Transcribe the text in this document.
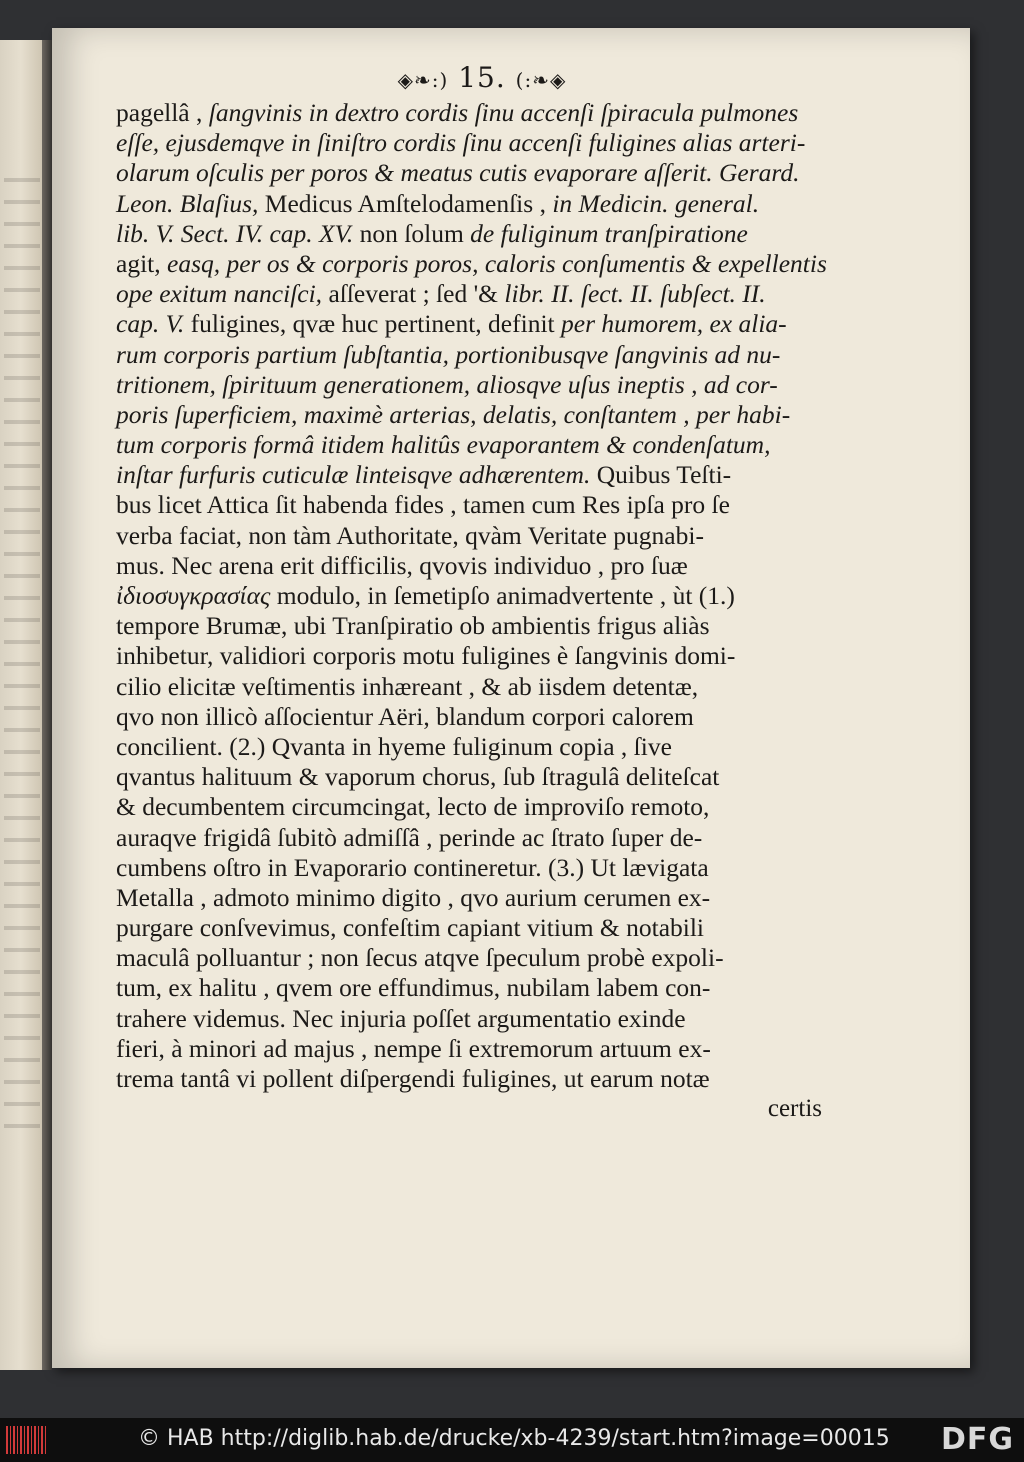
◈❧:) 15. (:❧◈
pagellâ , ſangvinis in dextro cordis ſinu accenſi ſpiracula pulmones
eſſe, ejusdemqve in ſiniſtro cordis ſinu accenſi fuligines alias arteri-
olarum oſculis per poros & meatus cutis evaporare aſſerit. Gerard.
Leon. Blaſius, Medicus Amſtelodamenſis , in Medicin. general.
lib. V. Sect. IV. cap. XV. non ſolum de fuliginum tranſpiratione
agit, easq, per os & corporis poros, caloris conſumentis & expellentis
ope exitum nanciſci, aſſeverat ; ſed '& libr. II. ſect. II. ſubſect. II.
cap. V. fuligines, qvæ huc pertinent, definit per humorem, ex alia-
rum corporis partium ſubſtantia, portionibusqve ſangvinis ad nu-
tritionem, ſpirituum generationem, aliosqve uſus ineptis , ad cor-
poris ſuperficiem, maximè arterias, delatis, conſtantem , per habi-
tum corporis formâ itidem halitûs evaporantem & condenſatum,
inſtar furfuris cuticulæ linteisqve adhærentem. Quibus Teſti-
bus licet Attica ſit habenda fides , tamen cum Res ipſa pro ſe
verba faciat, non tàm Authoritate, qvàm Veritate pugnabi-
mus. Nec arena erit difficilis, qvovis individuo , pro ſuæ
ἰδιοσυγκρασίας modulo, in ſemetipſo animadvertente , ùt (1.)
tempore Brumæ, ubi Tranſpiratio ob ambientis frigus aliàs
inhibetur, validiori corporis motu fuligines è ſangvinis domi-
cilio elicitæ veſtimentis inhæreant , & ab iisdem detentæ,
qvo non illicò aſſocientur Aëri, blandum corpori calorem
concilient. (2.) Qvanta in hyeme fuliginum copia , ſive
qvantus halituum & vaporum chorus, ſub ſtragulâ deliteſcat
& decumbentem circumcingat, lecto de improviſo remoto,
auraqve frigidâ ſubitò admiſſâ , perinde ac ſtrato ſuper de-
cumbens oſtro in Evaporario contineretur. (3.) Ut lævigata
Metalla , admoto minimo digito , qvo aurium cerumen ex-
purgare conſvevimus, confeſtim capiant vitium & notabili
maculâ polluantur ; non ſecus atqve ſpeculum probè expoli-
tum, ex halitu , qvem ore effundimus, nubilam labem con-
trahere videmus. Nec injuria poſſet argumentatio exinde
fieri, à minori ad majus , nempe ſi extremorum artuum ex-
trema tantâ vi pollent diſpergendi fuligines, ut earum notæ
certis
© HAB http://diglib.hab.de/drucke/xb-4239/start.htm?image=00015 DFG
